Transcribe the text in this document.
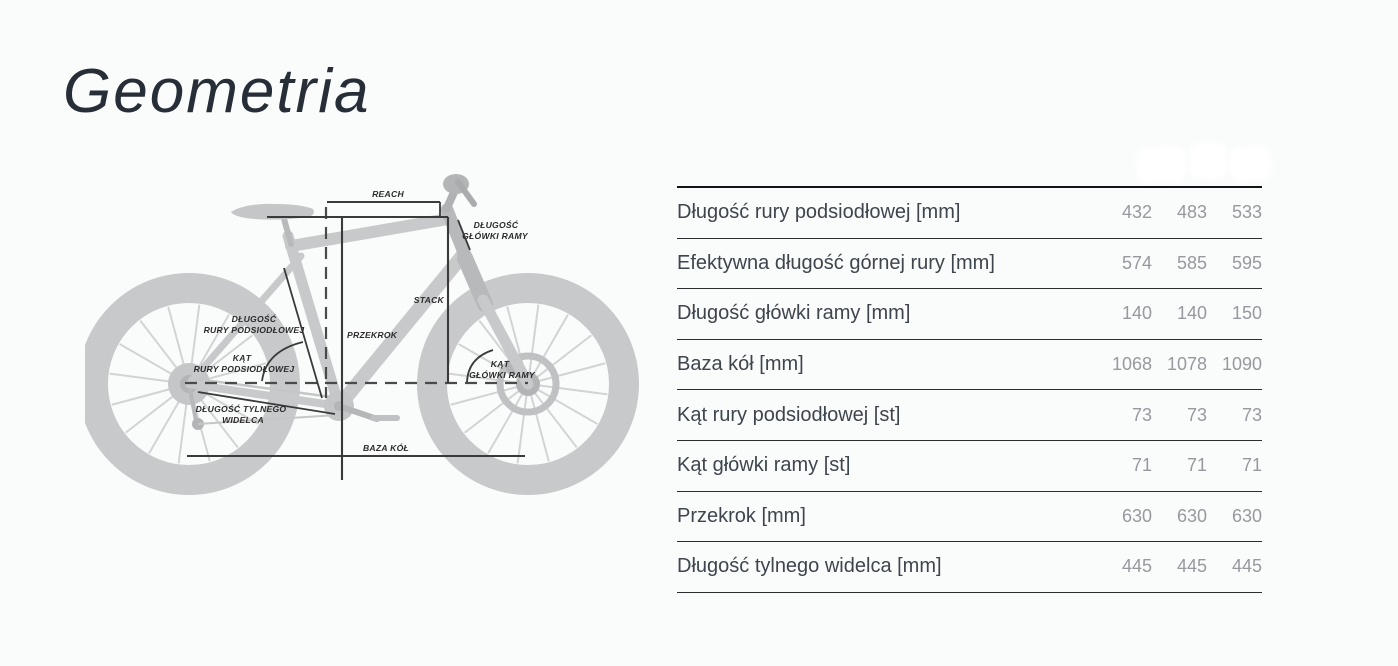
Geometria
REACH
DŁUGOŚĆ
GŁÓWKI RAMY
STACK
DŁUGOŚĆ
RURY PODSIODŁOWEJ	PRZEKROK
KĄT
RURY PODSIODŁOWEJ	KĄT
GŁÓWKI RAMY
DŁUGOŚĆ TYLNEGO
WIDELCA
BAZA KÓŁ
Długość rury podsiodłowej [mm]	432	483	533
Efektywna długość górnej rury [mm]	574	585	595
Długość główki ramy [mm]	140	140	150
Baza kół [mm]	1068 1078 1090
Kąt rury podsiodłowej [st]	73	73	73
Kąt główki ramy [st]	71	71	71
Przekrok [mm]	630	630	630
Długość tylnego widelca [mm]	445	445	445
